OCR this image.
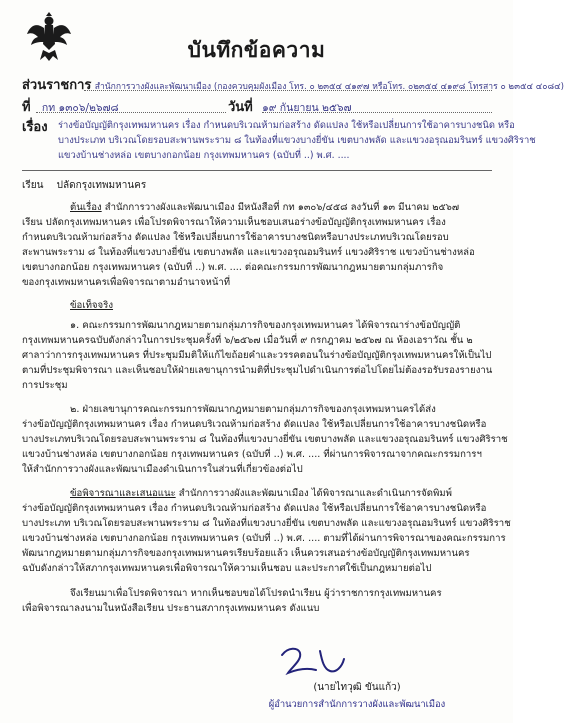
บันทึกข้อความ
ส่วนราชการ สำนักการวางผังและพัฒนาเมือง (กองควบคุมผังเมือง โทร. ๐ ๒๓๕๔ ๔๑๙๗ หรือโทร. ๐๒๓๕๔ ๔๑๙๘ โทรสาร ๐ ๒๓๕๔ ๔๐๘๔)
ที่ กท ๑๓๐๖/๒๖๗๘	วันที่ ๑๙ กันยายน ๒๕๖๗
เรื่อง ร่างข้อบัญญัติกรุงเทพมหานคร เรื่อง กำหนดบริเวณห้ามก่อสร้าง ดัดแปลง ใช้หรือเปลี่ยนการใช้อาคารบางชนิด หรือ
บางประเภท บริเวณโดยรอบสะพานพระราม ๘ ในท้องที่แขวงบางยี่ขัน เขตบางพลัด และแขวงอรุณอมรินทร์ แขวงศิริราช
แขวงบ้านช่างหล่อ เขตบางกอกน้อย กรุงเทพมหานคร (ฉบับที่ ..) พ.ศ. ....
เรียน ปลัดกรุงเทพมหานคร
ต้นเรื่อง สำนักการวางผังและพัฒนาเมือง มีหนังสือที่ กท ๑๓๐๖/๔๕๘ ลงวันที่ ๑๓ มีนาคม ๒๕๖๗
เรียน ปลัดกรุงเทพมหานคร เพื่อโปรดพิจารณาให้ความเห็นชอบเสนอร่างข้อบัญญัติกรุงเทพมหานคร เรื่อง
กำหนดบริเวณห้ามก่อสร้าง ดัดแปลง ใช้หรือเปลี่ยนการใช้อาคารบางชนิดหรือบางประเภทบริเวณโดยรอบ
สะพานพระราม ๘ ในท้องที่แขวงบางยี่ขัน เขตบางพลัด และแขวงอรุณอมรินทร์ แขวงศิริราช แขวงบ้านช่างหล่อ
เขตบางกอกน้อย กรุงเทพมหานคร (ฉบับที่ ..) พ.ศ. .... ต่อคณะกรรมการพัฒนากฎหมายตามกลุ่มภารกิจ
ของกรุงเทพมหานครเพื่อพิจารณาตามอำนาจหน้าที่
ข้อเท็จจริง
๑. คณะกรรมการพัฒนากฎหมายตามกลุ่มภารกิจของกรุงเทพมหานคร ได้พิจารณาร่างข้อบัญญัติ
กรุงเทพมหานครฉบับดังกล่าวในการประชุมครั้งที่ ๖/๒๕๖๗ เมื่อวันที่ ๙ กรกฎาคม ๒๕๖๗ ณ ห้องเอราวัณ ชั้น ๒
ศาลาว่าการกรุงเทพมหานคร ที่ประชุมมีมติให้แก้ไขถ้อยคำและวรรคตอนในร่างข้อบัญญัติกรุงเทพมหานครให้เป็นไป
ตามที่ประชุมพิจารณา และเห็นชอบให้ฝ่ายเลขานุการนำมติที่ประชุมไปดำเนินการต่อไปโดยไม่ต้องรอรับรองรายงาน
การประชุม
๒. ฝ่ายเลขานุการคณะกรรมการพัฒนากฎหมายตามกลุ่มภารกิจของกรุงเทพมหานครได้ส่ง
ร่างข้อบัญญัติกรุงเทพมหานคร เรื่อง กำหนดบริเวณห้ามก่อสร้าง ดัดแปลง ใช้หรือเปลี่ยนการใช้อาคารบางชนิดหรือ
บางประเภทบริเวณโดยรอบสะพานพระราม ๘ ในท้องที่แขวงบางยี่ขัน เขตบางพลัด และแขวงอรุณอมรินทร์ แขวงศิริราช
แขวงบ้านช่างหล่อ เขตบางกอกน้อย กรุงเทพมหานคร (ฉบับที่ ..) พ.ศ. .... ที่ผ่านการพิจารณาจากคณะกรรมการฯ
ให้สำนักการวางผังและพัฒนาเมืองดำเนินการในส่วนที่เกี่ยวข้องต่อไป
ข้อพิจารณาและเสนอแนะ สำนักการวางผังและพัฒนาเมือง ได้พิจารณาและดำเนินการจัดพิมพ์
ร่างข้อบัญญัติกรุงเทพมหานคร เรื่อง กำหนดบริเวณห้ามก่อสร้าง ดัดแปลง ใช้หรือเปลี่ยนการใช้อาคารบางชนิดหรือ
บางประเภท บริเวณโดยรอบสะพานพระราม ๘ ในท้องที่แขวงบางยี่ขัน เขตบางพลัด และแขวงอรุณอมรินทร์ แขวงศิริราช
แขวงบ้านช่างหล่อ เขตบางกอกน้อย กรุงเทพมหานคร (ฉบับที่ ..) พ.ศ. .... ตามที่ได้ผ่านการพิจารณาของคณะกรรมการ
พัฒนากฎหมายตามกลุ่มภารกิจของกรุงเทพมหานครเรียบร้อยแล้ว เห็นควรเสนอร่างข้อบัญญัติกรุงเทพมหานคร
ฉบับดังกล่าวให้สภากรุงเทพมหานครเพื่อพิจารณาให้ความเห็นชอบ และประกาศใช้เป็นกฎหมายต่อไป
จึงเรียนมาเพื่อโปรดพิจารณา หากเห็นชอบขอได้โปรดนำเรียน ผู้ว่าราชการกรุงเทพมหานคร
เพื่อพิจารณาลงนามในหนังสือเรียน ประธานสภากรุงเทพมหานคร ดังแนบ
(นายไทวุฒิ ขันแก้ว)
ผู้อำนวยการสำนักการวางผังและพัฒนาเมือง
